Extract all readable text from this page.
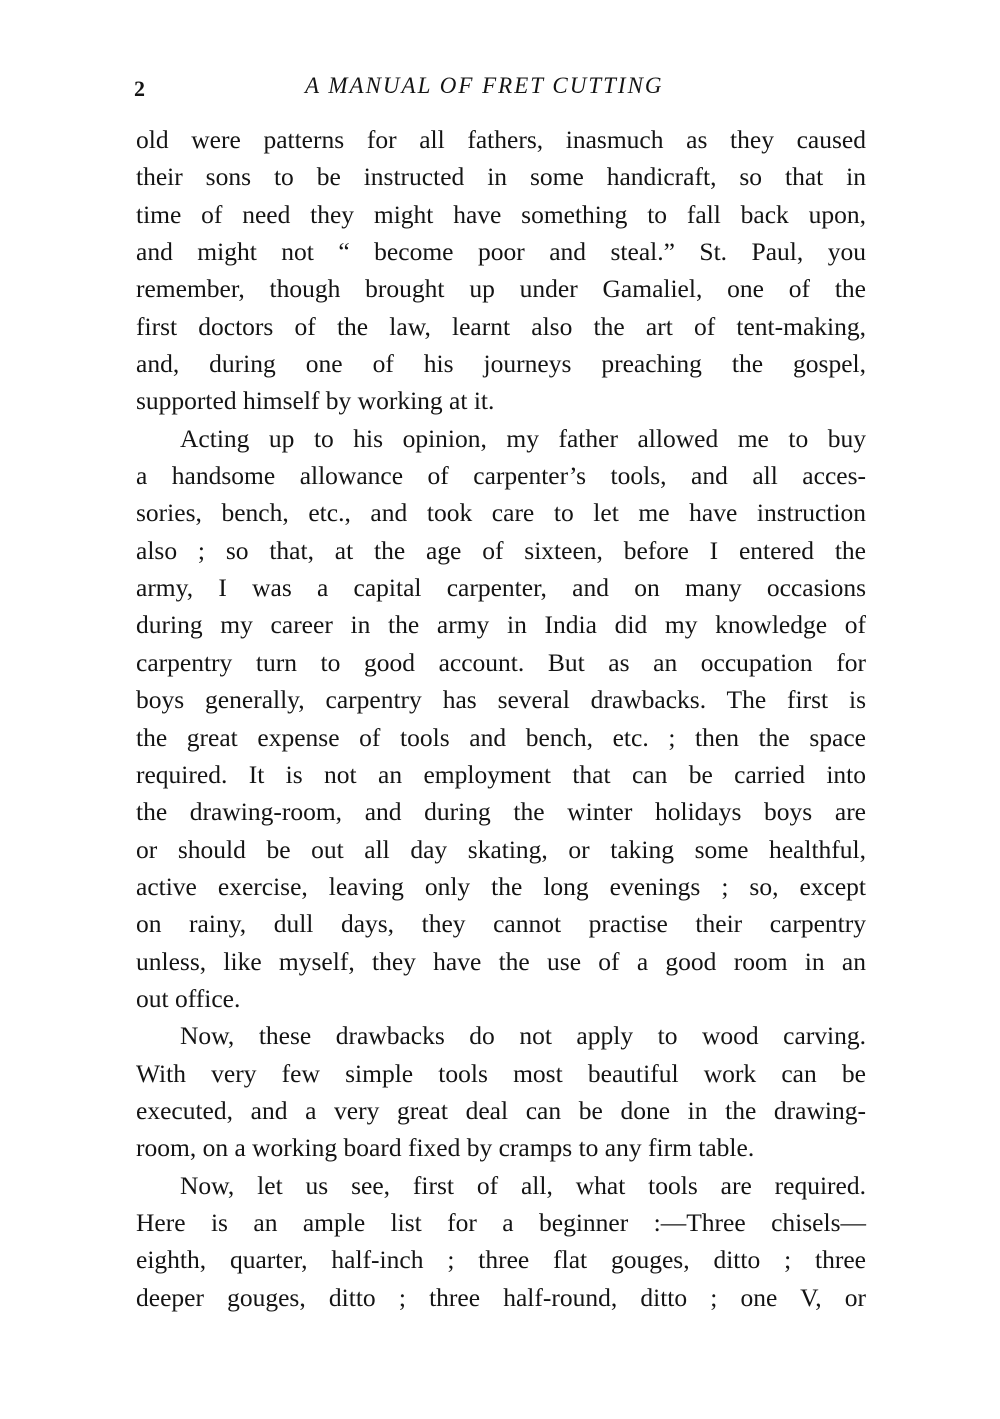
2	A MANUAL OF FRET CUTTING
old were patterns for all fathers, inasmuch as they caused
their sons to be instructed in some handicraft, so that in
time of need they might have something to fall back upon,
and might not “ become poor and steal.” St. Paul, you
remember, though brought up under Gamaliel, one of the
first doctors of the law, learnt also the art of tent-making,
and, during one of his journeys preaching the gospel,
supported himself by working at it.
Acting up to his opinion, my father allowed me to buy
a handsome allowance of carpenter’s tools, and all acces-
sories, bench, etc., and took care to let me have instruction
also ; so that, at the age of sixteen, before I entered the
army, I was a capital carpenter, and on many occasions
during my career in the army in India did my knowledge of
carpentry turn to good account. But as an occupation for
boys generally, carpentry has several drawbacks. The first is
the great expense of tools and bench, etc. ; then the space
required. It is not an employment that can be carried into
the drawing-room, and during the winter holidays boys are
or should be out all day skating, or taking some healthful,
active exercise, leaving only the long evenings ; so, except
on rainy, dull days, they cannot practise their carpentry
unless, like myself, they have the use of a good room in an
out office.
Now, these drawbacks do not apply to wood carving.
With very few simple tools most beautiful work can be
executed, and a very great deal can be done in the drawing-
room, on a working board fixed by cramps to any firm table.
Now, let us see, first of all, what tools are required.
Here is an ample list for a beginner :—Three chisels—
eighth, quarter, half-inch ; three flat gouges, ditto ; three
deeper gouges, ditto ; three half-round, ditto ; one V, or
